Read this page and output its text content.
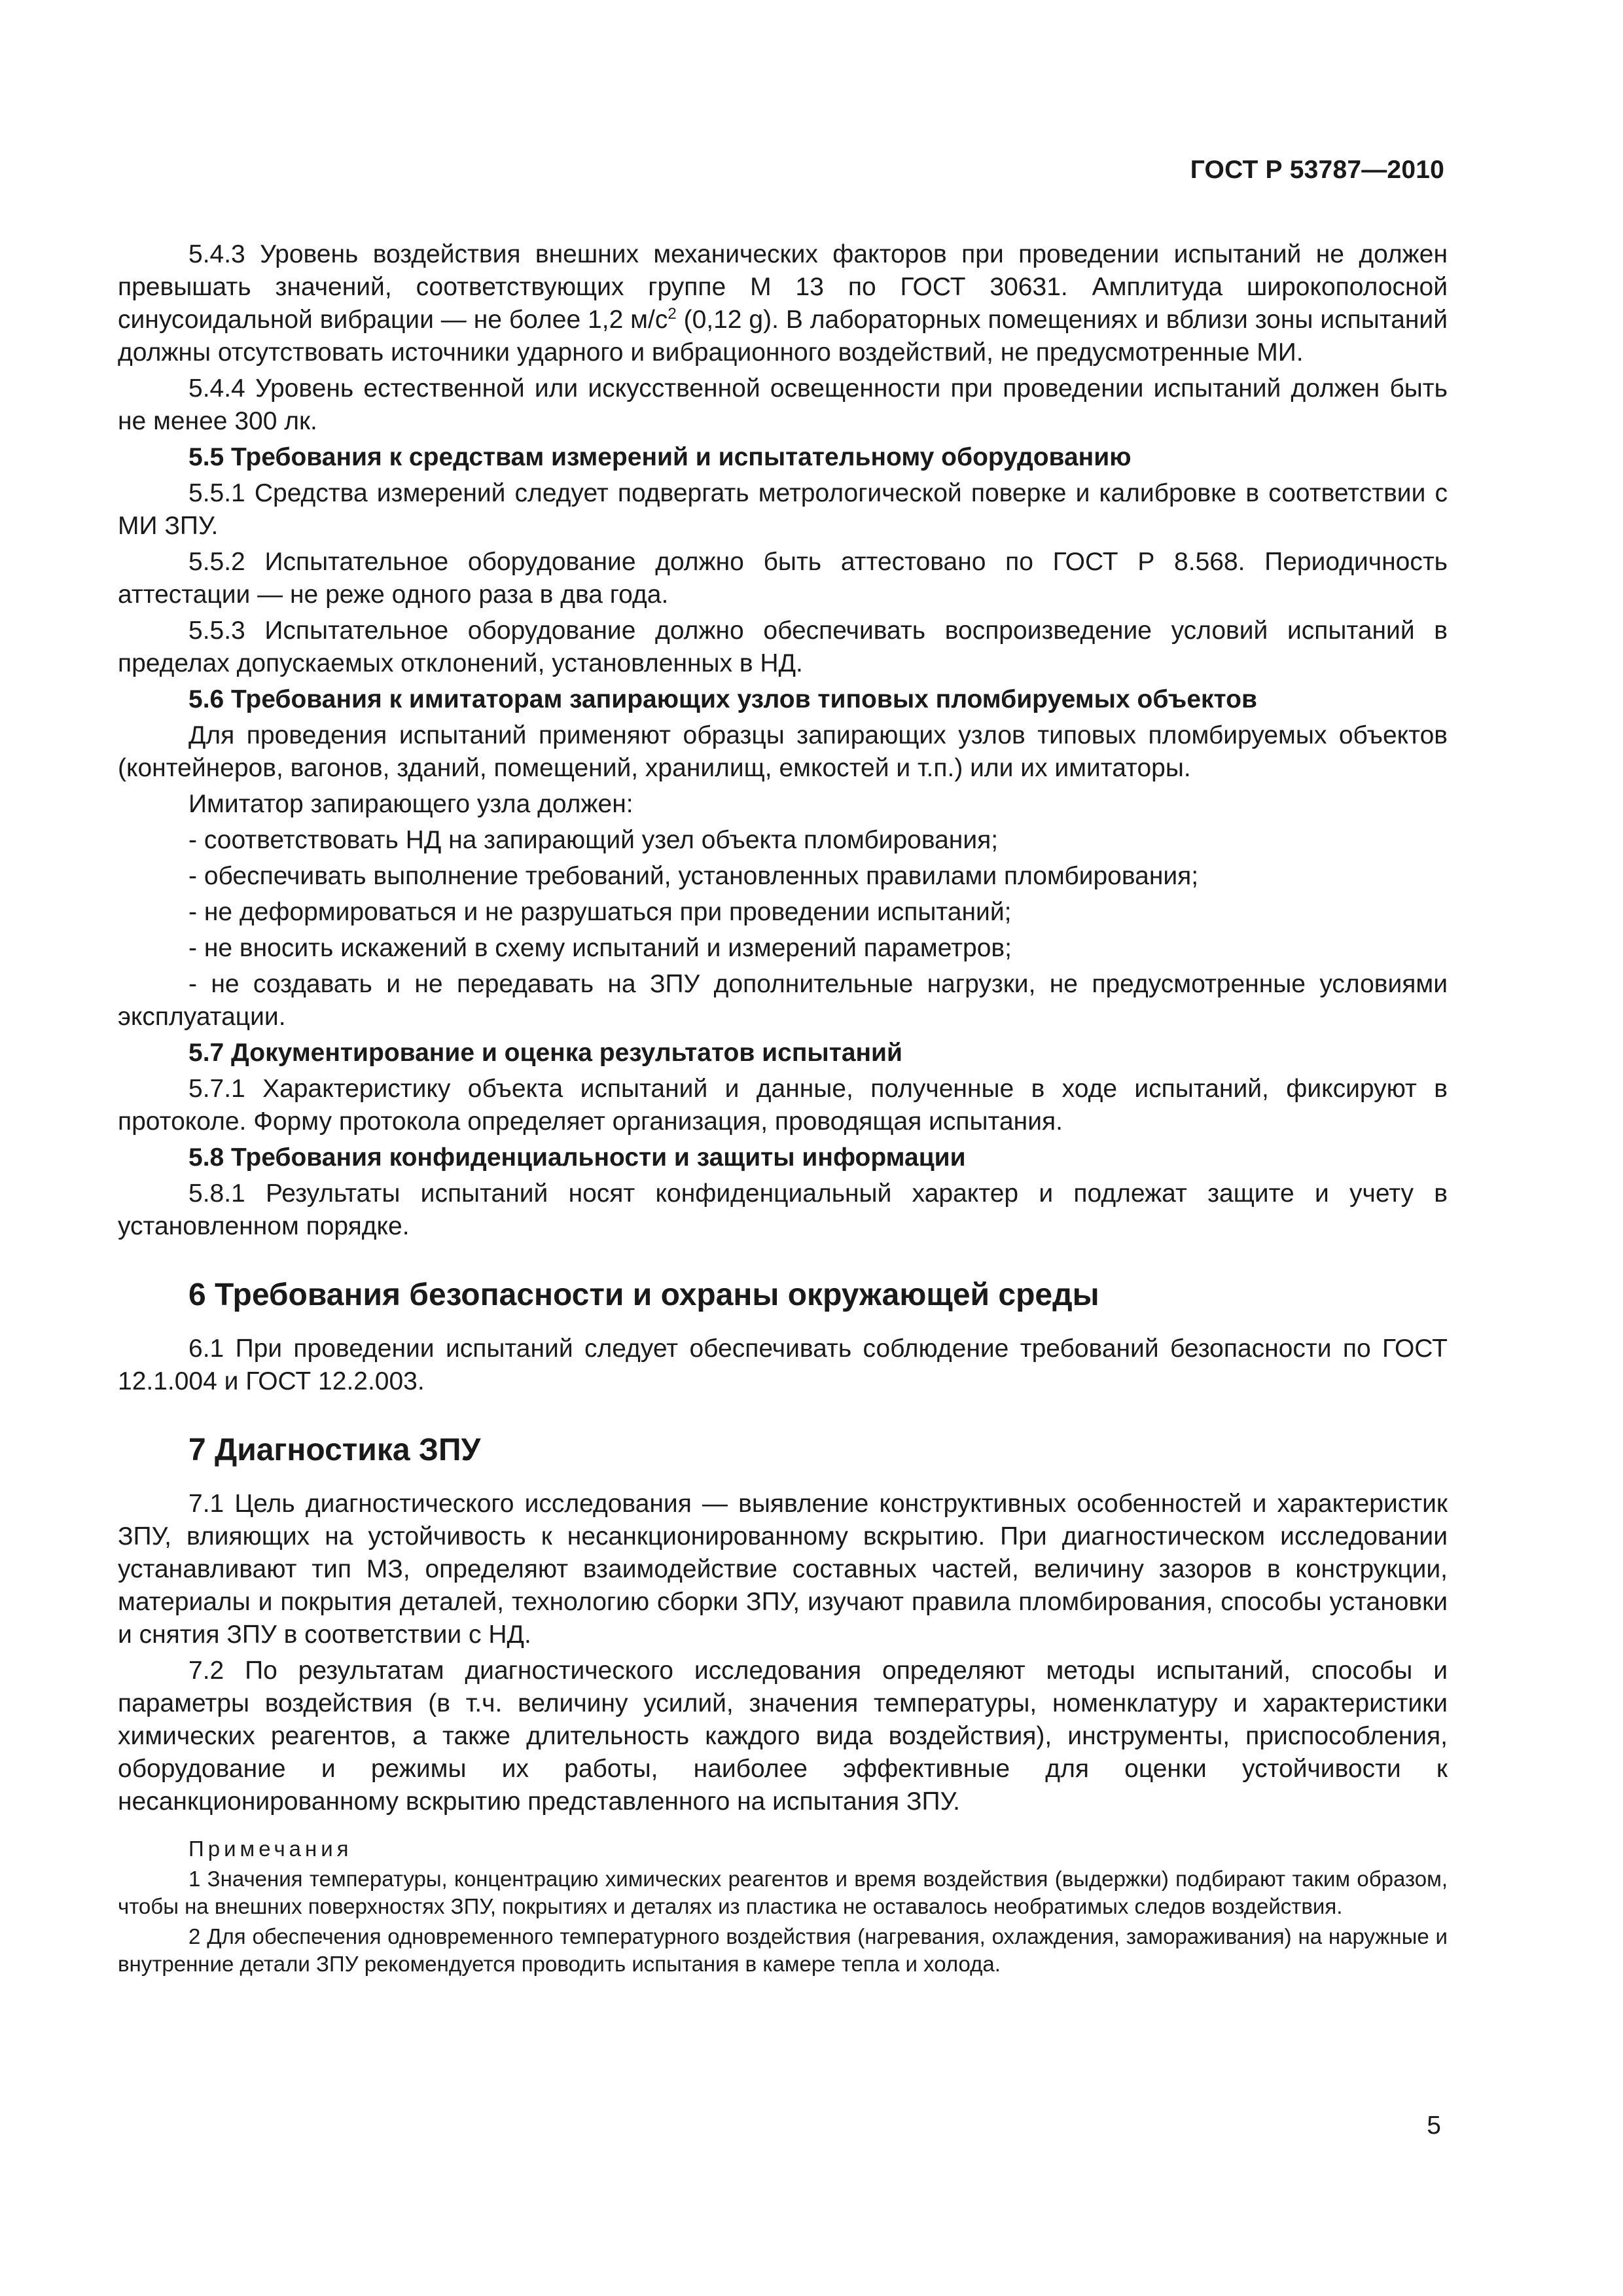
ГОСТ Р 53787—2010

5.4.3 Уровень воздействия внешних механических факторов при проведении испытаний не должен превышать значений, соответствующих группе М 13 по ГОСТ 30631. Амплитуда широкополосной синусоидальной вибрации — не более 1,2 $м/с^2$ (0,12 g). В лабораторных помещениях и вблизи зоны испытаний должны отсутствовать источники ударного и вибрационного воздействий, не предусмотренные МИ.

5.4.4 Уровень естественной или искусственной освещенности при проведении испытаний должен быть не менее 300 лк.

5.5 Требования к средствам измерений и испытательному оборудованию

5.5.1 Средства измерений следует подвергать метрологической поверке и калибровке в соответствии с МИ ЗПУ.

5.5.2 Испытательное оборудование должно быть аттестовано по ГОСТ Р 8.568. Периодичность аттестации — не реже одного раза в два года.

5.5.3 Испытательное оборудование должно обеспечивать воспроизведение условий испытаний в пределах допускаемых отклонений, установленных в НД.

5.6 Требования к имитаторам запирающих узлов типовых пломбируемых объектов

Для проведения испытаний применяют образцы запирающих узлов типовых пломбируемых объектов (контейнеров, вагонов, зданий, помещений, хранилищ, емкостей и т.п.) или их имитаторы.

Имитатор запирающего узла должен:

- соответствовать НД на запирающий узел объекта пломбирования;

- обеспечивать выполнение требований, установленных правилами пломбирования;

- не деформироваться и не разрушаться при проведении испытаний;

- не вносить искажений в схему испытаний и измерений параметров;

- не создавать и не передавать на ЗПУ дополнительные нагрузки, не предусмотренные условиями эксплуатации.

5.7 Документирование и оценка результатов испытаний

5.7.1 Характеристику объекта испытаний и данные, полученные в ходе испытаний, фиксируют в протоколе. Форму протокола определяет организация, проводящая испытания.

5.8 Требования конфиденциальности и защиты информации

5.8.1 Результаты испытаний носят конфиденциальный характер и подлежат защите и учету в установленном порядке.

6 Требования безопасности и охраны окружающей среды

6.1 При проведении испытаний следует обеспечивать соблюдение требований безопасности по ГОСТ 12.1.004 и ГОСТ 12.2.003.

7 Диагностика ЗПУ

7.1 Цель диагностического исследования — выявление конструктивных особенностей и характеристик ЗПУ, влияющих на устойчивость к несанкционированному вскрытию. При диагностическом исследовании устанавливают тип МЗ, определяют взаимодействие составных частей, величину зазоров в конструкции, материалы и покрытия деталей, технологию сборки ЗПУ, изучают правила пломбирования, способы установки и снятия ЗПУ в соответствии с НД.

7.2 По результатам диагностического исследования определяют методы испытаний, способы и параметры воздействия (в т.ч. величину усилий, значения температуры, номенклатуру и характеристики химических реагентов, а также длительность каждого вида воздействия), инструменты, приспособления, оборудование и режимы их работы, наиболее эффективные для оценки устойчивости к несанкционированному вскрытию представленного на испытания ЗПУ.

Примечания

1 Значения температуры, концентрацию химических реагентов и время воздействия (выдержки) подбирают таким образом, чтобы на внешних поверхностях ЗПУ, покрытиях и деталях из пластика не оставалось необратимых следов воздействия.

2 Для обеспечения одновременного температурного воздействия (нагревания, охлаждения, замораживания) на наружные и внутренние детали ЗПУ рекомендуется проводить испытания в камере тепла и холода.

5
